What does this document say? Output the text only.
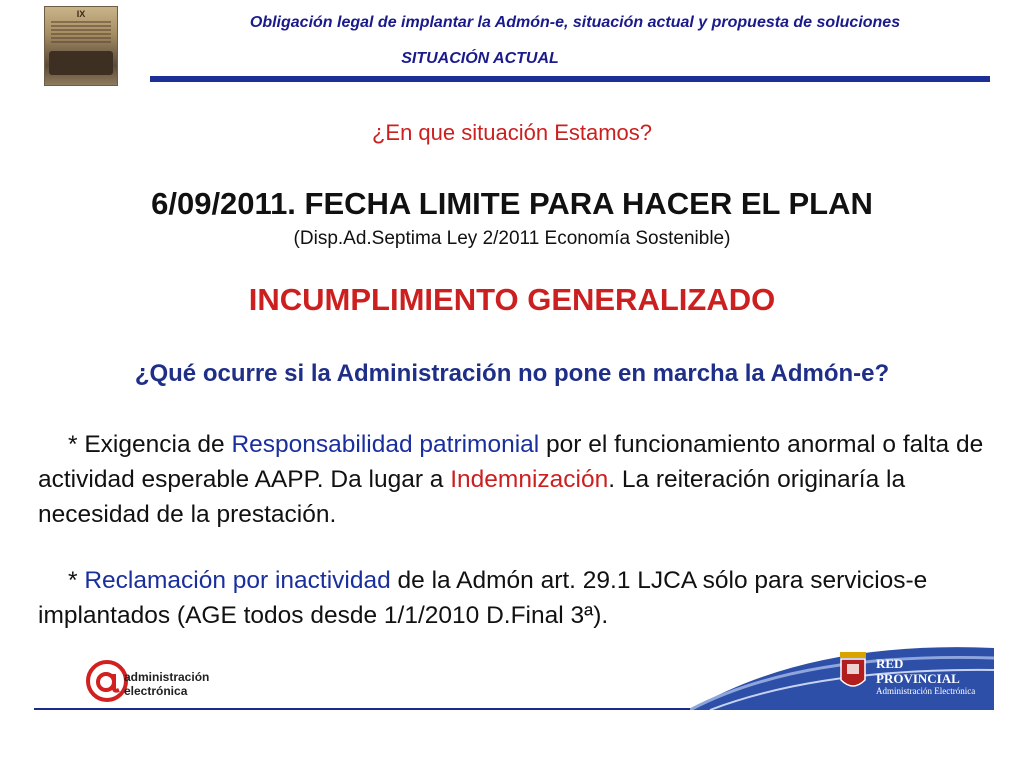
IX	Obligación legal de implantar la Admón-e, situación actual y propuesta de soluciones
SITUACIÓN ACTUAL
¿En que situación Estamos?
6/09/2011. FECHA LIMITE PARA HACER EL PLAN
(Disp.Ad.Septima Ley 2/2011 Economía Sostenible)
INCUMPLIMIENTO GENERALIZADO
¿Qué ocurre si la Administración no pone en marcha la Admón-e?
* Exigencia de Responsabilidad patrimonial por el funcionamiento anormal o falta de actividad esperable AAPP. Da lugar a Indemnización. La reiteración originaría la necesidad de la prestación.
* Reclamación por inactividad de la Admón art. 29.1 LJCA sólo para servicios-e implantados (AGE todos desde 1/1/2010 D.Final 3ª).
administración
electrónica
RED
PROVINCIAL
Administración Electrónica
